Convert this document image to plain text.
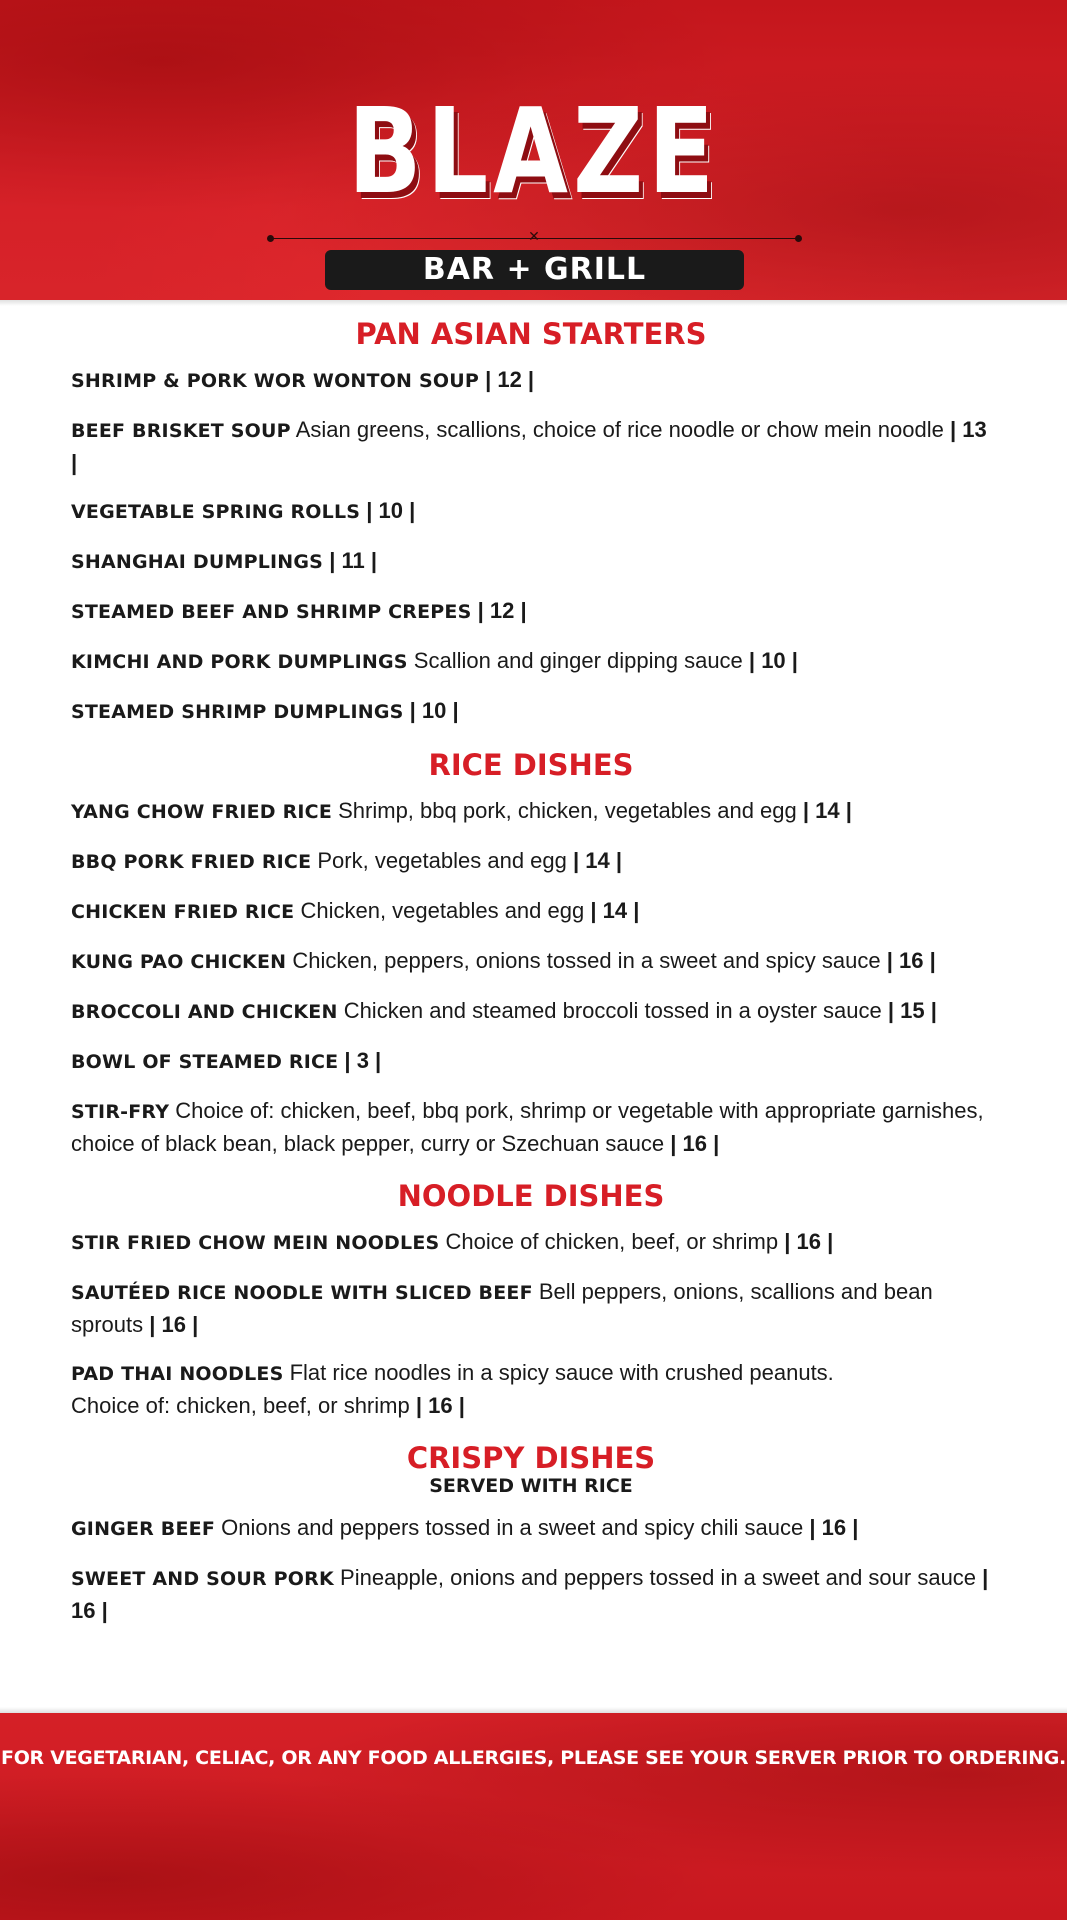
BLAZE
✕
BAR + GRILL
PAN ASIAN STARTERS

SHRIMP & PORK WOR WONTON SOUP | 12 |

BEEF BRISKET SOUP Asian greens, scallions, choice of rice noodle or chow mein noodle | 13 |

VEGETABLE SPRING ROLLS | 10 |

SHANGHAI DUMPLINGS | 11 |

STEAMED BEEF AND SHRIMP CREPES | 12 |

KIMCHI AND PORK DUMPLINGS Scallion and ginger dipping sauce | 10 |

STEAMED SHRIMP DUMPLINGS | 10 |

RICE DISHES

YANG CHOW FRIED RICE Shrimp, bbq pork, chicken, vegetables and egg | 14 |

BBQ PORK FRIED RICE Pork, vegetables and egg | 14 |

CHICKEN FRIED RICE Chicken, vegetables and egg | 14 |

KUNG PAO CHICKEN Chicken, peppers, onions tossed in a sweet and spicy sauce | 16 |

BROCCOLI AND CHICKEN Chicken and steamed broccoli tossed in a oyster sauce | 15 |

BOWL OF STEAMED RICE | 3 |

STIR-FRY Choice of: chicken, beef, bbq pork, shrimp or vegetable with appropriate garnishes, choice of black bean, black pepper, curry or Szechuan sauce | 16 |

NOODLE DISHES

STIR FRIED CHOW MEIN NOODLES Choice of chicken, beef, or shrimp | 16 |

SAUTÉED RICE NOODLE WITH SLICED BEEF Bell peppers, onions, scallions and bean sprouts | 16 |

PAD THAI NOODLES Flat rice noodles in a spicy sauce with crushed peanuts.
Choice of: chicken, beef, or shrimp | 16 |

CRISPY DISHES
SERVED WITH RICE

GINGER BEEF Onions and peppers tossed in a sweet and spicy chili sauce | 16 |

SWEET AND SOUR PORK Pineapple, onions and peppers tossed in a sweet and sour sauce | 16 |

FOR VEGETARIAN, CELIAC, OR ANY FOOD ALLERGIES, PLEASE SEE YOUR SERVER PRIOR TO ORDERING.
